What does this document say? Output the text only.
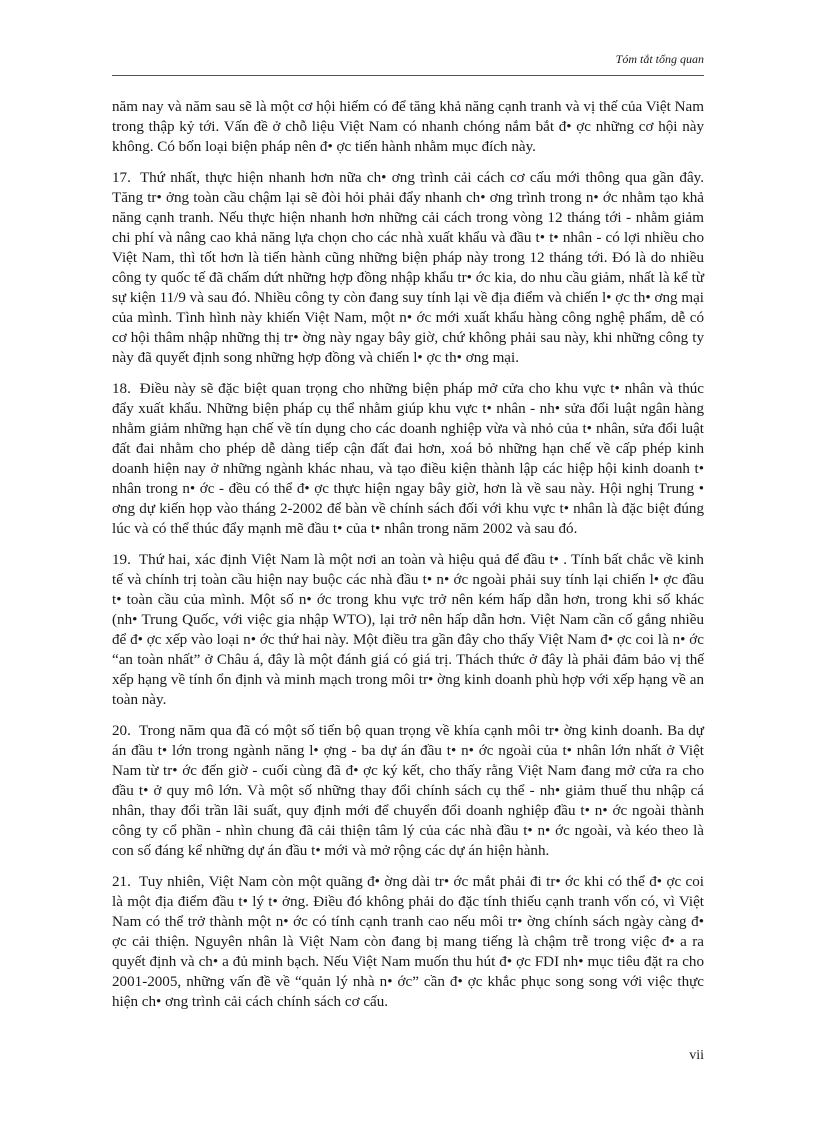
Tóm tắt tổng quan

năm nay và năm sau sẽ là một cơ hội hiếm có để tăng khả năng cạnh tranh và vị thế của Việt Nam trong thập kỷ tới. Vấn đề ở chỗ liệu Việt Nam có nhanh chóng nắm bắt đ• ợc những cơ hội này không. Có bốn loại biện pháp nên đ• ợc tiến hành nhằm mục đích này.

17. Thứ nhất, thực hiện nhanh hơn nữa ch• ơng trình cải cách cơ cấu mới thông qua gần đây. Tăng tr• ởng toàn cầu chậm lại sẽ đòi hỏi phải đẩy nhanh ch• ơng trình trong n• ớc nhằm tạo khả năng cạnh tranh. Nếu thực hiện nhanh hơn những cải cách trong vòng 12 tháng tới - nhằm giảm chi phí và nâng cao khả năng lựa chọn cho các nhà xuất khẩu và đầu t• t• nhân - có lợi nhiều cho Việt Nam, thì tốt hơn là tiến hành cũng những biện pháp này trong 12 tháng tới. Đó là do nhiều công ty quốc tế đã chấm dứt những hợp đồng nhập khẩu tr• ớc kia, do nhu cầu giảm, nhất là kể từ sự kiện 11/9 và sau đó. Nhiều công ty còn đang suy tính lại về địa điểm và chiến l• ợc th• ơng mại của mình. Tình hình này khiến Việt Nam, một n• ớc mới xuất khẩu hàng công nghệ phẩm, dễ có cơ hội thâm nhập những thị tr• ờng này ngay bây giờ, chứ không phải sau này, khi những công ty này đã quyết định song những hợp đồng và chiến l• ợc th• ơng mại.

18. Điều này sẽ đặc biệt quan trọng cho những biện pháp mở cửa cho khu vực t• nhân và thúc đẩy xuất khẩu. Những biện pháp cụ thể nhằm giúp khu vực t• nhân - nh• sửa đổi luật ngân hàng nhằm giảm những hạn chế về tín dụng cho các doanh nghiệp vừa và nhỏ của t• nhân, sửa đổi luật đất đai nhằm cho phép dễ dàng tiếp cận đất đai hơn, xoá bỏ những hạn chế về cấp phép kinh doanh hiện nay ở những ngành khác nhau, và tạo điều kiện thành lập các hiệp hội kinh doanh t• nhân trong n• ớc - đều có thể đ• ợc thực hiện ngay bây giờ, hơn là về sau này. Hội nghị Trung • ơng dự kiến họp vào tháng 2-2002 để bàn về chính sách đối với khu vực t• nhân là đặc biệt đúng lúc và có thể thúc đẩy mạnh mẽ đầu t• của t• nhân trong năm 2002 và sau đó.

19. Thứ hai, xác định Việt Nam là một nơi an toàn và hiệu quả để đầu t• . Tính bất chắc về kinh tế và chính trị toàn cầu hiện nay buộc các nhà đầu t• n• ớc ngoài phải suy tính lại chiến l• ợc đầu t• toàn cầu của mình. Một số n• ớc trong khu vực trở nên kém hấp dẫn hơn, trong khi số khác (nh• Trung Quốc, với việc gia nhập WTO), lại trở nên hấp dẫn hơn. Việt Nam cần cố gắng nhiều để đ• ợc xếp vào loại n• ớc thứ hai này. Một điều tra gần đây cho thấy Việt Nam đ• ợc coi là n• ớc “an toàn nhất” ở Châu á, đây là một đánh giá có giá trị. Thách thức ở đây là phải đảm bảo vị thế xếp hạng về tính ổn định và minh mạch trong môi tr• ờng kinh doanh phù hợp với xếp hạng về an toàn này.

20. Trong năm qua đã có một số tiến bộ quan trọng về khía cạnh môi tr• ờng kinh doanh. Ba dự án đầu t• lớn trong ngành năng l• ợng - ba dự án đầu t• n• ớc ngoài của t• nhân lớn nhất ở Việt Nam từ tr• ớc đến giờ - cuối cùng đã đ• ợc ký kết, cho thấy rằng Việt Nam đang mở cửa ra cho đầu t• ở quy mô lớn. Và một số những thay đổi chính sách cụ thể - nh• giảm thuế thu nhập cá nhân, thay đổi trần lãi suất, quy định mới để chuyển đổi doanh nghiệp đầu t• n• ớc ngoài thành công ty cổ phần - nhìn chung đã cải thiện tâm lý của các nhà đầu t• n• ớc ngoài, và kéo theo là con số đáng kể những dự án đầu t• mới và mở rộng các dự án hiện hành.

21. Tuy nhiên, Việt Nam còn một quãng đ• ờng dài tr• ớc mắt phải đi tr• ớc khi có thể đ• ợc coi là một địa điểm đầu t• lý t• ởng. Điều đó không phải do đặc tính thiếu cạnh tranh vốn có, vì Việt Nam có thể trở thành một n• ớc có tính cạnh tranh cao nếu môi tr• ờng chính sách ngày càng đ• ợc cải thiện. Nguyên nhân là Việt Nam còn đang bị mang tiếng là chậm trễ trong việc đ• a ra quyết định và ch• a đủ minh bạch. Nếu Việt Nam muốn thu hút đ• ợc FDI nh• mục tiêu đặt ra cho 2001-2005, những vấn đề về “quản lý nhà n• ớc” cần đ• ợc khắc phục song song với việc thực hiện ch• ơng trình cải cách chính sách cơ cấu.

vii
